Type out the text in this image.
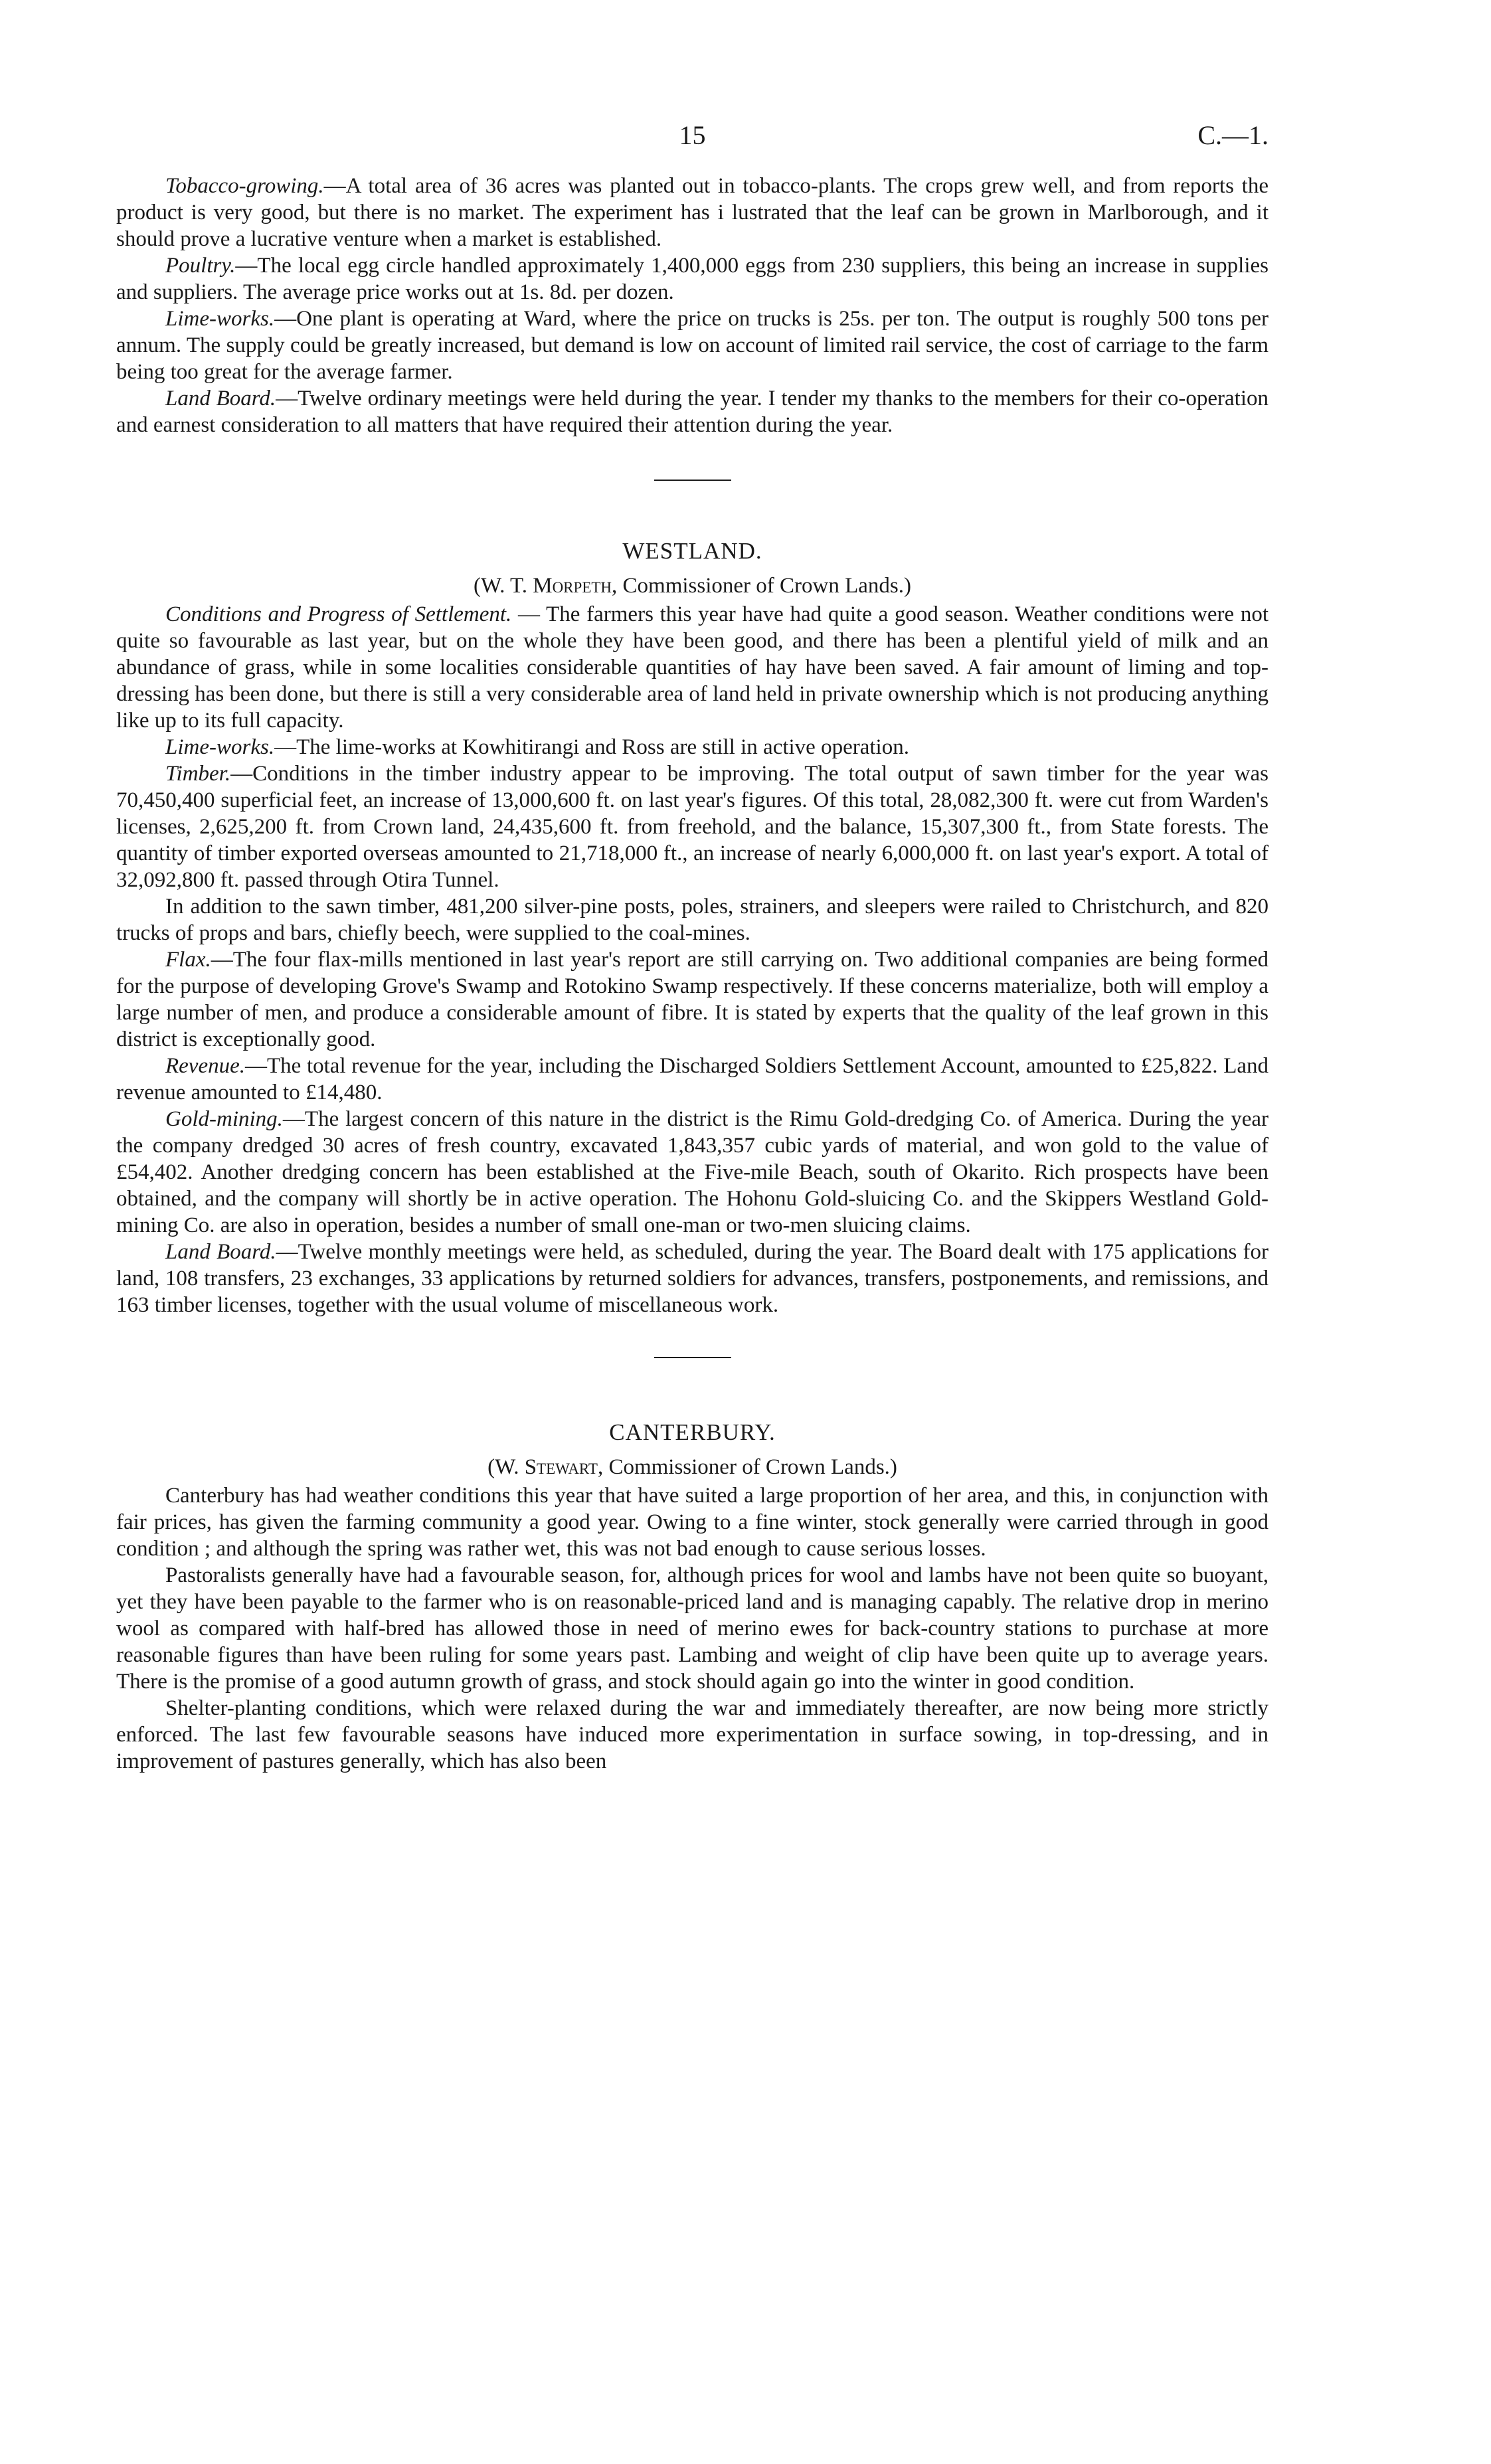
15	C.—1.

Tobacco-growing.—A total area of 36 acres was planted out in tobacco-plants. The crops grew well, and from reports the product is very good, but there is no market. The experiment has i lustrated that the leaf can be grown in Marlborough, and it should prove a lucrative venture when a market is established.

Poultry.—The local egg circle handled approximately 1,400,000 eggs from 230 suppliers, this being an increase in supplies and suppliers. The average price works out at 1s. 8d. per dozen.

Lime-works.—One plant is operating at Ward, where the price on trucks is 25s. per ton. The output is roughly 500 tons per annum. The supply could be greatly increased, but demand is low on account of limited rail service, the cost of carriage to the farm being too great for the average farmer.

Land Board.—Twelve ordinary meetings were held during the year. I tender my thanks to the members for their co-operation and earnest consideration to all matters that have required their attention during the year.

WESTLAND.

(W. T. Morpeth, Commissioner of Crown Lands.)

Conditions and Progress of Settlement. — The farmers this year have had quite a good season. Weather conditions were not quite so favourable as last year, but on the whole they have been good, and there has been a plentiful yield of milk and an abundance of grass, while in some localities considerable quantities of hay have been saved. A fair amount of liming and top-dressing has been done, but there is still a very considerable area of land held in private ownership which is not producing anything like up to its full capacity.

Lime-works.—The lime-works at Kowhitirangi and Ross are still in active operation.

Timber.—Conditions in the timber industry appear to be improving. The total output of sawn timber for the year was 70,450,400 superficial feet, an increase of 13,000,600 ft. on last year's figures. Of this total, 28,082,300 ft. were cut from Warden's licenses, 2,625,200 ft. from Crown land, 24,435,600 ft. from freehold, and the balance, 15,307,300 ft., from State forests. The quantity of timber exported overseas amounted to 21,718,000 ft., an increase of nearly 6,000,000 ft. on last year's export. A total of 32,092,800 ft. passed through Otira Tunnel.

In addition to the sawn timber, 481,200 silver-pine posts, poles, strainers, and sleepers were railed to Christchurch, and 820 trucks of props and bars, chiefly beech, were supplied to the coal-mines.

Flax.—The four flax-mills mentioned in last year's report are still carrying on. Two additional companies are being formed for the purpose of developing Grove's Swamp and Rotokino Swamp respectively. If these concerns materialize, both will employ a large number of men, and produce a considerable amount of fibre. It is stated by experts that the quality of the leaf grown in this district is exceptionally good.

Revenue.—The total revenue for the year, including the Discharged Soldiers Settlement Account, amounted to £25,822. Land revenue amounted to £14,480.

Gold-mining.—The largest concern of this nature in the district is the Rimu Gold-dredging Co. of America. During the year the company dredged 30 acres of fresh country, excavated 1,843,357 cubic yards of material, and won gold to the value of £54,402. Another dredging concern has been established at the Five-mile Beach, south of Okarito. Rich prospects have been obtained, and the company will shortly be in active operation. The Hohonu Gold-sluicing Co. and the Skippers Westland Gold-mining Co. are also in operation, besides a number of small one-man or two-men sluicing claims.

Land Board.—Twelve monthly meetings were held, as scheduled, during the year. The Board dealt with 175 applications for land, 108 transfers, 23 exchanges, 33 applications by returned soldiers for advances, transfers, postponements, and remissions, and 163 timber licenses, together with the usual volume of miscellaneous work.

CANTERBURY.

(W. Stewart, Commissioner of Crown Lands.)

Canterbury has had weather conditions this year that have suited a large proportion of her area, and this, in conjunction with fair prices, has given the farming community a good year. Owing to a fine winter, stock generally were carried through in good condition ; and although the spring was rather wet, this was not bad enough to cause serious losses.

Pastoralists generally have had a favourable season, for, although prices for wool and lambs have not been quite so buoyant, yet they have been payable to the farmer who is on reasonable-priced land and is managing capably. The relative drop in merino wool as compared with half-bred has allowed those in need of merino ewes for back-country stations to purchase at more reasonable figures than have been ruling for some years past. Lambing and weight of clip have been quite up to average years. There is the promise of a good autumn growth of grass, and stock should again go into the winter in good condition.

Shelter-planting conditions, which were relaxed during the war and immediately thereafter, are now being more strictly enforced. The last few favourable seasons have induced more experimentation in surface sowing, in top-dressing, and in improvement of pastures generally, which has also been
